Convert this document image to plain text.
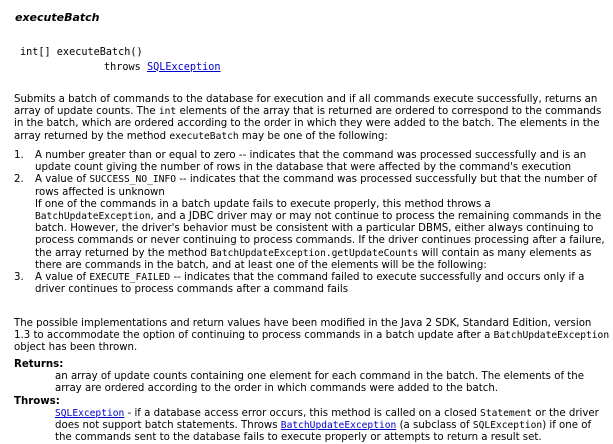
executeBatch
int[] executeBatch()
throws SQLException
Submits a batch of commands to the database for execution and if all commands execute successfully, returns an array of update counts. The int elements of the array that is returned are ordered to correspond to the commands in the batch, which are ordered according to the order in which they were added to the batch. The elements in the array returned by the method executeBatch may be one of the following:
1. A number greater than or equal to zero -- indicates that the command was processed successfully and is an update count giving the number of rows in the database that were affected by the command's execution
2. A value of SUCCESS_NO_INFO -- indicates that the command was processed successfully but that the number of rows affected is unknown
If one of the commands in a batch update fails to execute properly, this method throws a BatchUpdateException, and a JDBC driver may or may not continue to process the remaining commands in the batch. However, the driver's behavior must be consistent with a particular DBMS, either always continuing to process commands or never continuing to process commands. If the driver continues processing after a failure, the array returned by the method BatchUpdateException.getUpdateCounts will contain as many elements as there are commands in the batch, and at least one of the elements will be the following:
3. A value of EXECUTE_FAILED -- indicates that the command failed to execute successfully and occurs only if a driver continues to process commands after a command fails
The possible implementations and return values have been modified in the Java 2 SDK, Standard Edition, version 1.3 to accommodate the option of continuing to process commands in a batch update after a BatchUpdateException object has been thrown.
Returns:
an array of update counts containing one element for each command in the batch. The elements of the array are ordered according to the order in which commands were added to the batch.
Throws:
SQLException - if a database access error occurs, this method is called on a closed Statement or the driver does not support batch statements. Throws BatchUpdateException (a subclass of SQLException) if one of the commands sent to the database fails to execute properly or attempts to return a result set.
